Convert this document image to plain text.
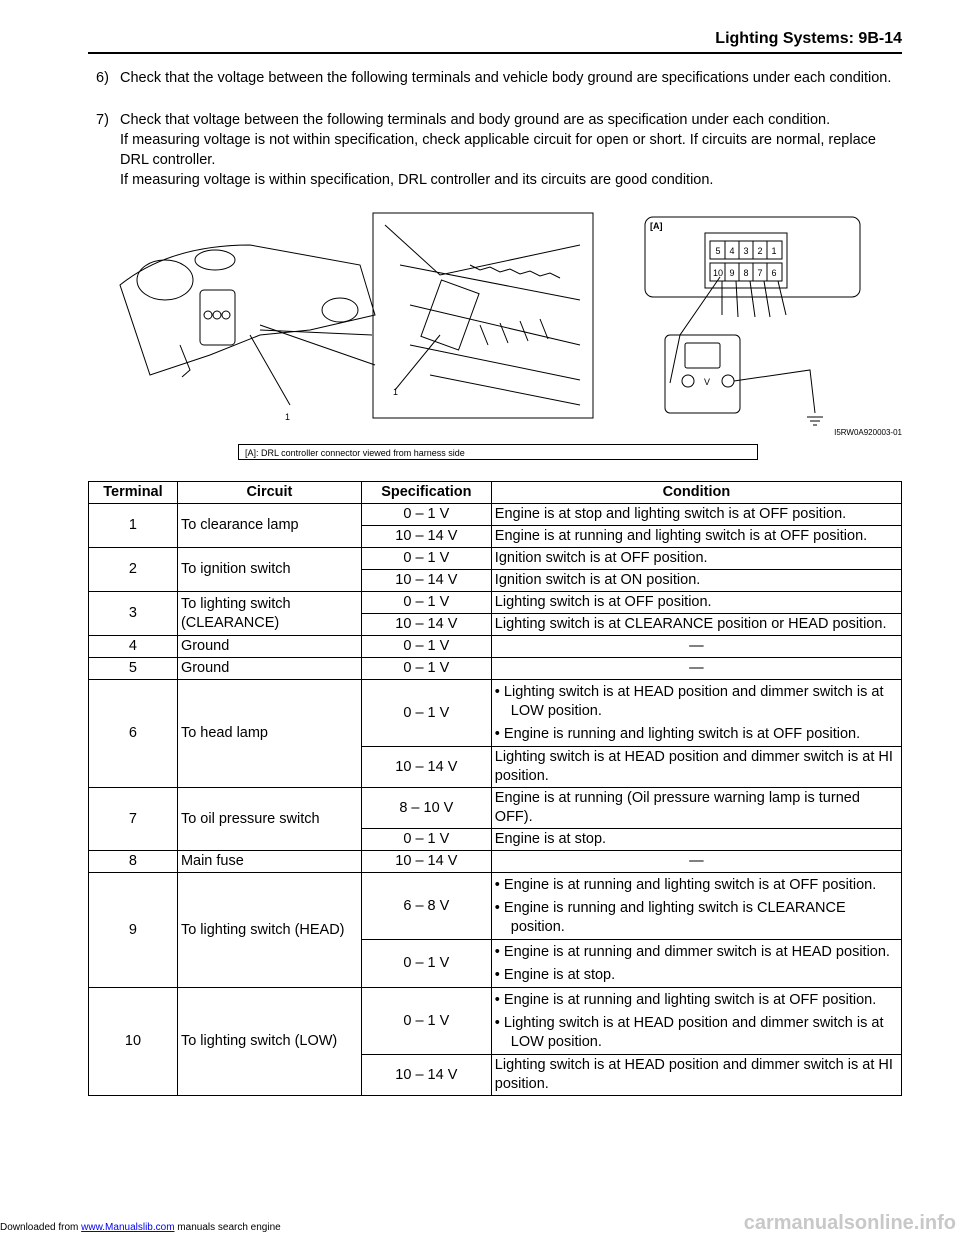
Lighting Systems: 9B-14
6) Check that the voltage between the following terminals and vehicle body ground are specifications under each condition.
7) Check that voltage between the following terminals and body ground are as specification under each condition.
If measuring voltage is not within specification, check applicable circuit for open or short. If circuits are normal, replace DRL controller.
If measuring voltage is within specification, DRL controller and its circuits are good condition.
1
1
[A]
V
5 4 3 2 1
10 9 8 7 6
I5RW0A920003-01
[A]: DRL controller connector viewed from harness side
Terminal	Circuit	Specification	Condition
1	To clearance lamp	0 – 1 V	Engine is at stop and lighting switch is at OFF position.
		10 – 14 V	Engine is at running and lighting switch is at OFF position.
2	To ignition switch	0 – 1 V	Ignition switch is at OFF position.
		10 – 14 V	Ignition switch is at ON position.
3	To lighting switch (CLEARANCE)	0 – 1 V	Lighting switch is at OFF position.
		10 – 14 V	Lighting switch is at CLEARANCE position or HEAD position.
4	Ground	0 – 1 V	—
5	Ground	0 – 1 V	—
6	To head lamp	0 – 1 V	• Lighting switch is at HEAD position and dimmer switch is at LOW position.
• Engine is running and lighting switch is at OFF position.

		10 – 14 V	Lighting switch is at HEAD position and dimmer switch is at HI position.
7	To oil pressure switch	8 – 10 V	Engine is at running (Oil pressure warning lamp is turned OFF).
		0 – 1 V	Engine is at stop.
8	Main fuse	10 – 14 V	—
9	To lighting switch (HEAD)	6 – 8 V	• Engine is at running and lighting switch is at OFF position.
• Engine is running and lighting switch is CLEARANCE position.

		0 – 1 V	• Engine is at running and dimmer switch is at HEAD position.
• Engine is at stop.

10	To lighting switch (LOW)	0 – 1 V	• Engine is at running and lighting switch is at OFF position.
• Lighting switch is at HEAD position and dimmer switch is at LOW position.

		10 – 14 V	Lighting switch is at HEAD position and dimmer switch is at HI position.
Downloaded from www.Manualslib.com manuals search engine	carmanualsonline.info
